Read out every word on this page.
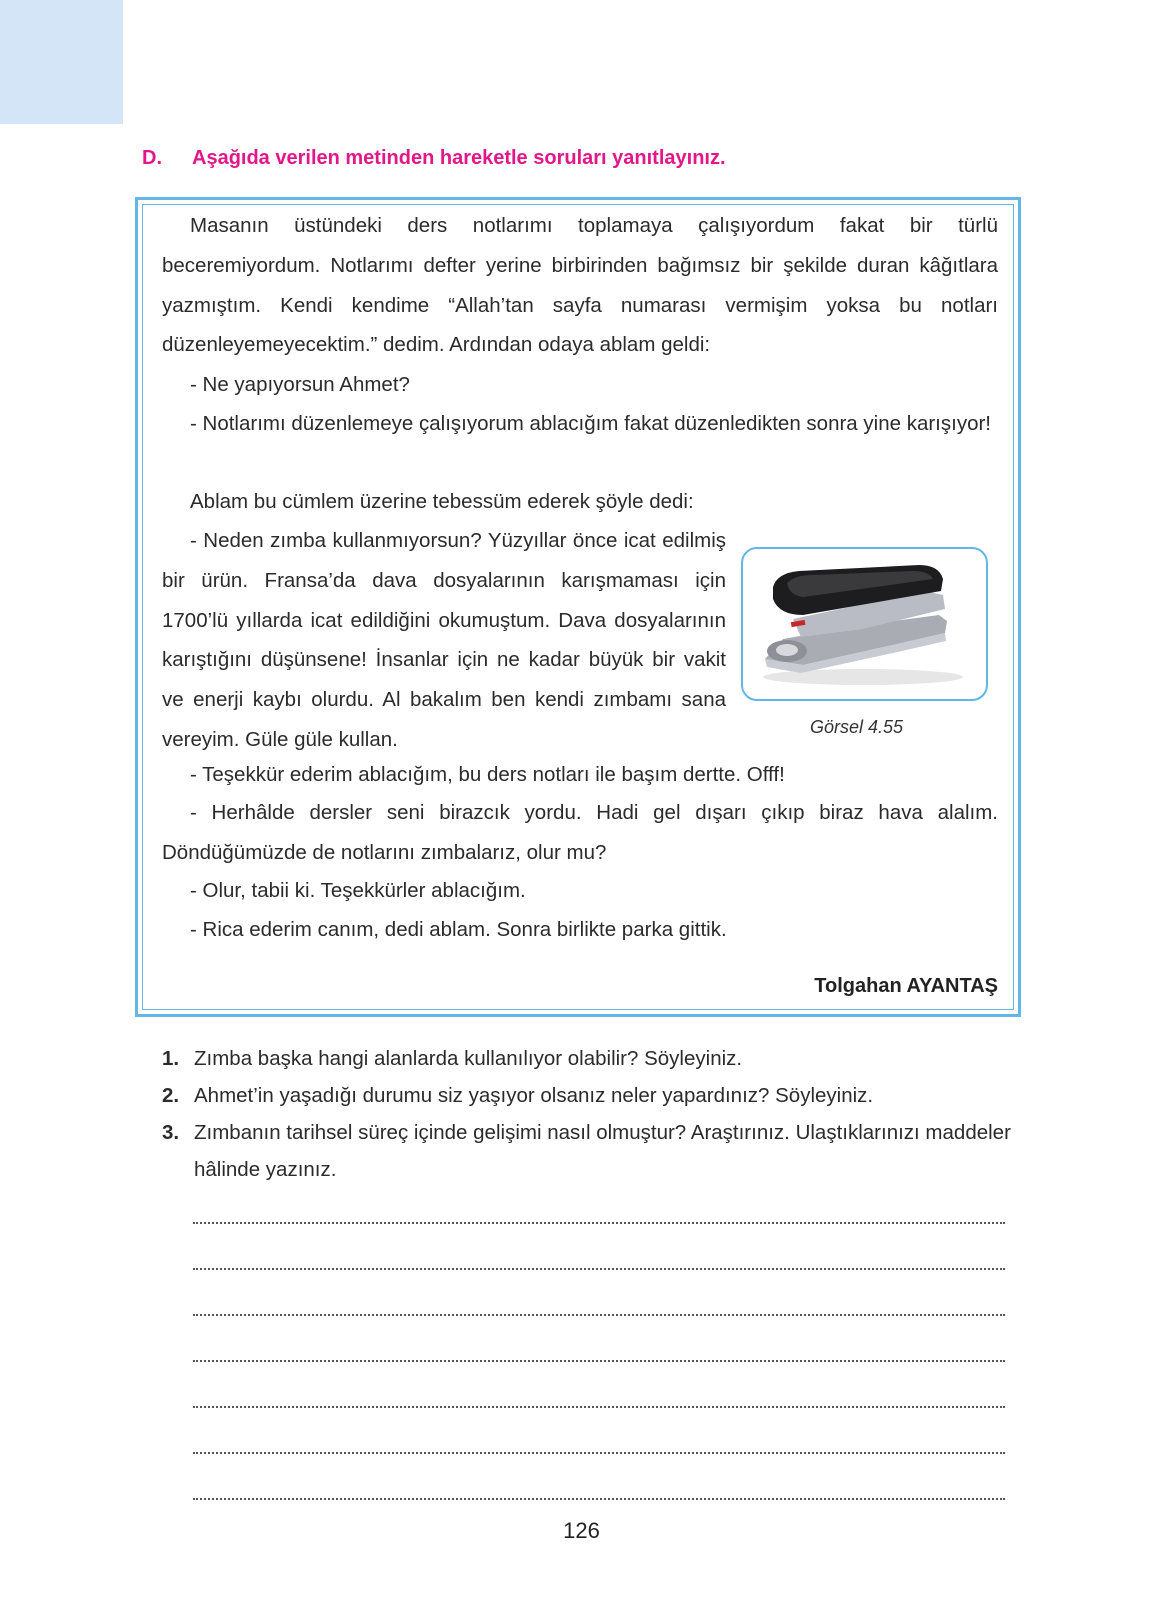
D. Aşağıda verilen metinden hareketle soruları yanıtlayınız.

Masanın üstündeki ders notlarımı toplamaya çalışıyordum fakat bir türlü beceremiyordum. Notlarımı defter yerine birbirinden bağımsız bir şekilde duran kâğıtlara yazmıştım. Kendi kendime “Allah’tan sayfa numarası vermişim yoksa bu notları düzenleyemeyecektim.” dedim. Ardından odaya ablam geldi:

- Ne yapıyorsun Ahmet?

- Notlarımı düzenlemeye çalışıyorum ablacığım fakat düzenledikten sonra yine karışıyor!

Ablam bu cümlem üzerine tebessüm ederek şöyle dedi:

- Neden zımba kullanmıyorsun? Yüzyıllar önce icat edilmiş bir ürün. Fransa’da dava dosyalarının karışmaması için 1700’lü yıllarda icat edildiğini okumuştum. Dava dosyalarının karıştığını düşünsene! İnsanlar için ne kadar büyük bir vakit ve enerji kaybı olurdu. Al bakalım ben kendi zımbamı sana vereyim. Güle güle kullan.

- Teşekkür ederim ablacığım, bu ders notları ile başım dertte. Offf!

- Herhâlde dersler seni birazcık yordu. Hadi gel dışarı çıkıp biraz hava alalım. Döndüğümüzde de notlarını zımbalarız, olur mu?

- Olur, tabii ki. Teşekkürler ablacığım.

- Rica ederim canım, dedi ablam. Sonra birlikte parka gittik.

Tolgahan AYANTAŞ
Görsel 4.55
1. Zımba başka hangi alanlarda kullanılıyor olabilir? Söyleyiniz.
2. Ahmet’in yaşadığı durumu siz yaşıyor olsanız neler yapardınız? Söyleyiniz.
3. Zımbanın tarihsel süreç içinde gelişimi nasıl olmuştur? Araştırınız. Ulaştıklarınızı maddeler hâlinde yazınız.
126
